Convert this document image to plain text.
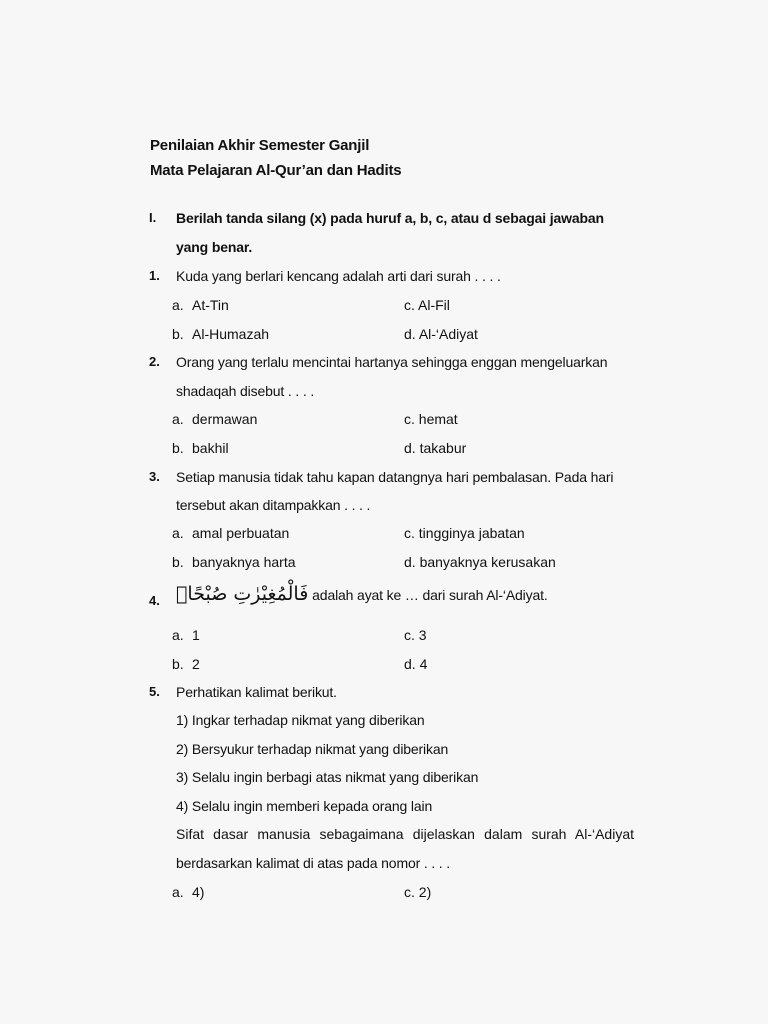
Penilaian Akhir Semester Ganjil
Mata Pelajaran Al-Qur’an dan Hadits
I. Berilah tanda silang (x) pada huruf a, b, c, atau d sebagai jawaban
yang benar.
1. Kuda yang berlari kencang adalah arti dari surah . . . .
a. At-Tin	c. Al-Fil
b. Al-Humazah	d. Al-‘Adiyat
2. Orang yang terlalu mencintai hartanya sehingga enggan mengeluarkan
shadaqah disebut . . . .
a. dermawan	c. hemat
b. bakhil	d. takabur
3. Setiap manusia tidak tahu kapan datangnya hari pembalasan. Pada hari
tersebut akan ditampakkan . . . .
a. amal perbuatan	c. tingginya jabatan
b. banyaknya harta	d. banyaknya kerusakan
4. فَالْمُغِيْرٰتِ صُبْحًاۙ adalah ayat ke … dari surah Al-‘Adiyat.
a. 1	c. 3
b. 2	d. 4
5. Perhatikan kalimat berikut.
1) Ingkar terhadap nikmat yang diberikan
2) Bersyukur terhadap nikmat yang diberikan
3) Selalu ingin berbagi atas nikmat yang diberikan
4) Selalu ingin memberi kepada orang lain
Sifat dasar manusia sebagaimana dijelaskan dalam surah Al-‘Adiyat
berdasarkan kalimat di atas pada nomor . . . .
a. 4)	c. 2)
